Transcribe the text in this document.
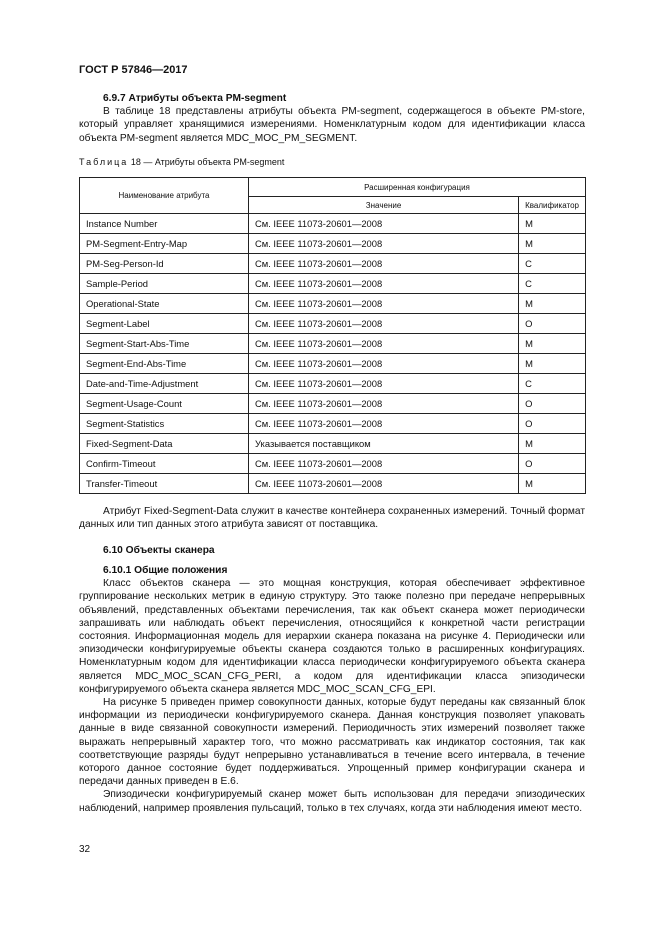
ГОСТ Р 57846—2017
6.9.7 Атрибуты объекта PM-segment

В таблице 18 представлены атрибуты объекта PM-segment, содержащегося в объекте PM-store, который управляет хранящимися измерениями. Номенклатурным кодом для идентификации класса объекта PM-segment является MDC_MOC_PM_SEGMENT.

Таблица 18 — Атрибуты объекта PM-segment
Наименование атрибута	Расширенная конфигурация	
	Значение	Квалификатор
Instance Number	См. IEEE 11073-20601—2008	M
PM-Segment-Entry-Map	См. IEEE 11073-20601—2008	M
PM-Seg-Person-Id	См. IEEE 11073-20601—2008	C
Sample-Period	См. IEEE 11073-20601—2008	C
Operational-State	См. IEEE 11073-20601—2008	M
Segment-Label	См. IEEE 11073-20601—2008	O
Segment-Start-Abs-Time	См. IEEE 11073-20601—2008	M
Segment-End-Abs-Time	См. IEEE 11073-20601—2008	M
Date-and-Time-Adjustment	См. IEEE 11073-20601—2008	C
Segment-Usage-Count	См. IEEE 11073-20601—2008	O
Segment-Statistics	См. IEEE 11073-20601—2008	O
Fixed-Segment-Data	Указывается поставщиком	M
Confirm-Timeout	См. IEEE 11073-20601—2008	O
Transfer-Timeout	См. IEEE 11073-20601—2008	M

Атрибут Fixed-Segment-Data служит в качестве контейнера сохраненных измерений. Точный формат данных или тип данных этого атрибута зависят от поставщика.

6.10 Объекты сканера
6.10.1 Общие положения

Класс объектов сканера — это мощная конструкция, которая обеспечивает эффективное группирование нескольких метрик в единую структуру. Это также полезно при передаче непрерывных объявлений, представленных объектами перечисления, так как объект сканера может периодически запрашивать или наблюдать объект перечисления, относящийся к конкретной части регистрации состояния. Информационная модель для иерархии сканера показана на рисунке 4. Периодически или эпизодически конфигурируемые объекты сканера создаются только в расширенных конфигурациях. Номенклатурным кодом для идентификации класса периодически конфигурируемого объекта сканера является MDC_MOC_SCAN_CFG_PERI, а кодом для идентификации класса эпизодически конфигурируемого объекта сканера является MDC_MOC_SCAN_CFG_EPI.

На рисунке 5 приведен пример совокупности данных, которые будут переданы как связанный блок информации из периодически конфигурируемого сканера. Данная конструкция позволяет упаковать данные в виде связанной совокупности измерений. Периодичность этих измерений позволяет также выражать непрерывный характер того, что можно рассматривать как индикатор состояния, так как соответствующие разряды будут непрерывно устанавливаться в течение всего интервала, в течение которого данное состояние будет поддерживаться. Упрощенный пример конфигурации сканера и передачи данных приведен в Е.6.

Эпизодически конфигурируемый сканер может быть использован для передачи эпизодических наблюдений, например проявления пульсаций, только в тех случаях, когда эти наблюдения имеют место.

32
